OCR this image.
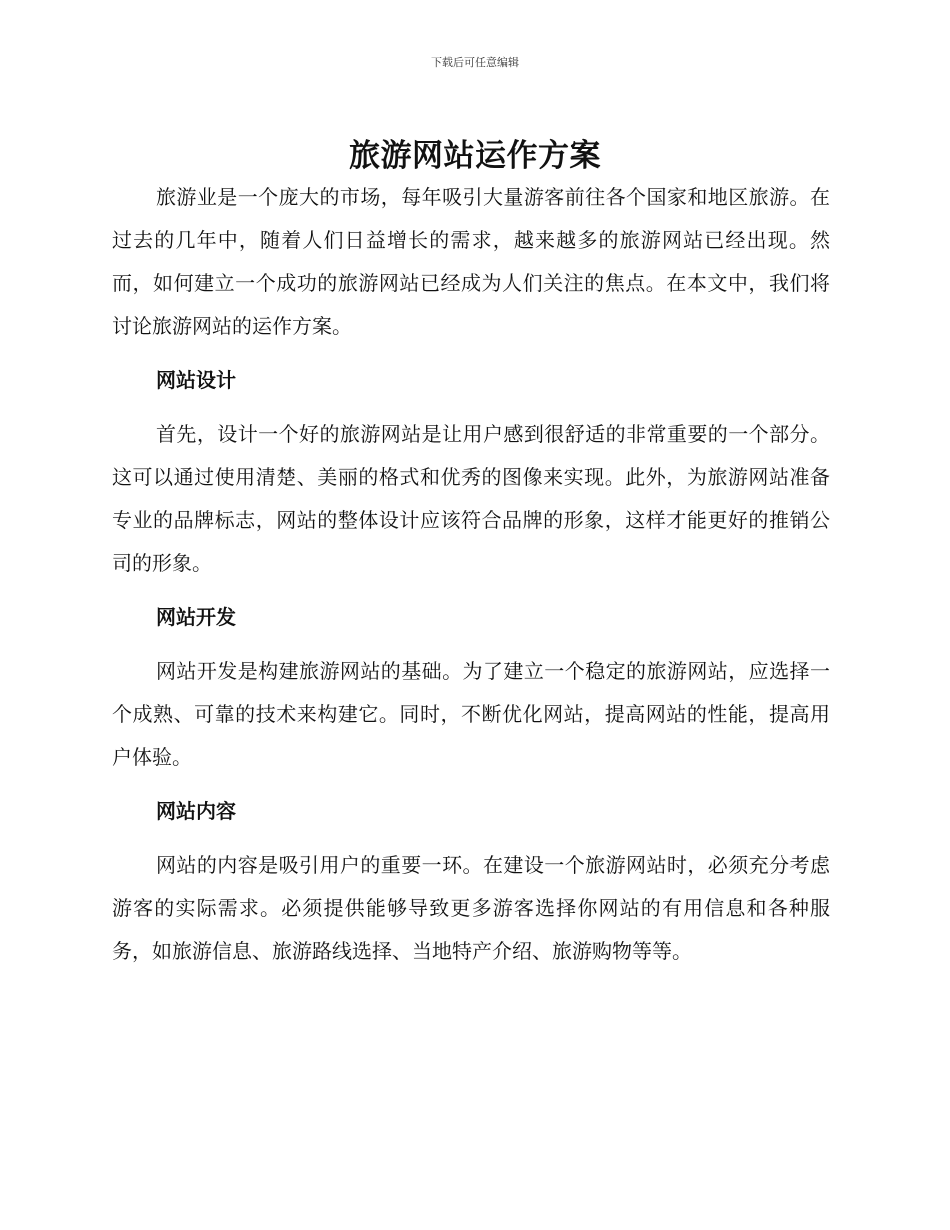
下载后可任意编辑
旅游网站运作方案

旅游业是一个庞大的市场，每年吸引大量游客前往各个国家和地区旅游。在过去的几年中，随着人们日益增长的需求，越来越多的旅游网站已经出现。然而，如何建立一个成功的旅游网站已经成为人们关注的焦点。在本文中，我们将讨论旅游网站的运作方案。

网站设计

首先，设计一个好的旅游网站是让用户感到很舒适的非常重要的一个部分。这可以通过使用清楚、美丽的格式和优秀的图像来实现。此外，为旅游网站准备专业的品牌标志，网站的整体设计应该符合品牌的形象，这样才能更好的推销公司的形象。

网站开发

网站开发是构建旅游网站的基础。为了建立一个稳定的旅游网站，应选择一个成熟、可靠的技术来构建它。同时，不断优化网站，提高网站的性能，提高用户体验。

网站内容

网站的内容是吸引用户的重要一环。在建设一个旅游网站时，必须充分考虑游客的实际需求。必须提供能够导致更多游客选择你网站的有用信息和各种服务，如旅游信息、旅游路线选择、当地特产介绍、旅游购物等等。
